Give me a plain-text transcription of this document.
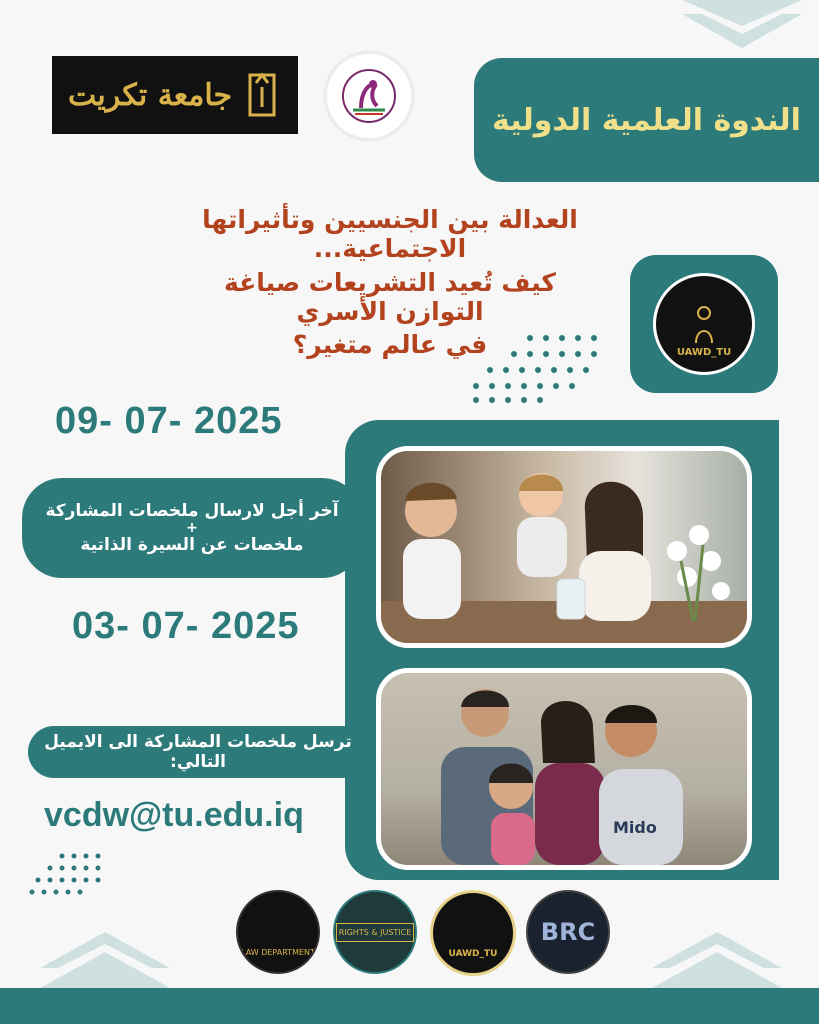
الندوة العلمية الدولية
جامعة تكريت
العدالة بين الجنسيين وتأثيراتها الاجتماعية...
كيف تُعيد التشريعات صياغة التوازن الأسري
في عالم متغير؟	UAWD_TU
09- 07- 2025
Mido
آخر أجل لارسال ملخصات المشاركة
+
ملخصات عن السيرة الذاتية
03- 07- 2025
ترسل ملخصات المشاركة الى الايميل التالي:
vcdw@tu.edu.iq
LAW DEPARTMENT
RIGHTS & JUSTICE
UAWD_TU
BRC
